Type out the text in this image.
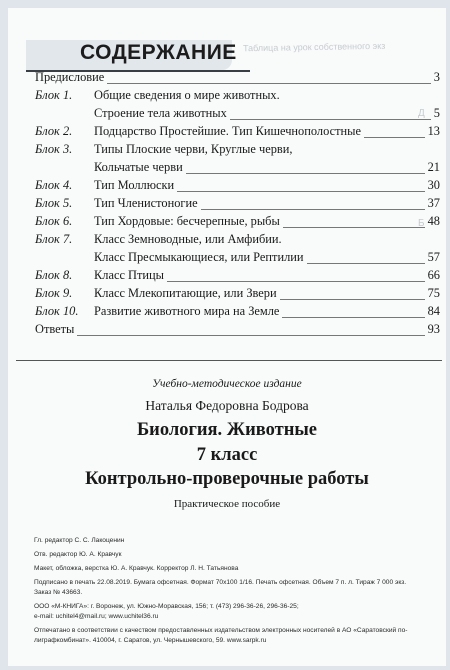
Таблица на урок собственного экз
Д
Б
СОДЕРЖАНИЕ
Предисловие	3
Блок 1. Общие сведения о мире животных.
Строение тела животных	5
Блок 2. Подцарство Простейшие. Тип Кишечнополостные	13
Блок 3. Типы Плоские черви, Круглые черви,
Кольчатые черви	21
Блок 4. Тип Моллюски	30
Блок 5. Тип Членистоногие	37
Блок 6. Тип Хордовые: бесчерепные, рыбы	48
Блок 7. Класс Земноводные, или Амфибии.
Класс Пресмыкающиеся, или Рептилии	57
Блок 8. Класс Птицы	66
Блок 9. Класс Млекопитающие, или Звери	75
Блок 10. Развитие животного мира на Земле	84
Ответы	93
Учебно-методическое издание
Наталья Федоровна Бодрова
Биология. Животные
7 класс
Контрольно-проверочные работы
Практическое пособие
Гл. редактор С. С. Лакоценин
Отв. редактор Ю. А. Кравчук
Макет, обложка, верстка Ю. А. Кравчук. Корректор Л. Н. Татьянова
Подписано в печать 22.08.2019. Бумага офсетная. Формат 70х100 1/16. Печать офсетная. Объем 7 п. л. Тираж 7 000 экз.
Заказ № 43663.
ООО «М-КНИГА»: г. Воронеж, ул. Южно-Моравская, 156; т. (473) 296-36-26, 296-36-25;
e-mail: uchitel4@mail.ru; www.uchitel36.ru
Отпечатано в соответствии с качеством предоставленных издательством электронных носителей в АО «Саратовский по-
лиграфкомбинат». 410004, г. Саратов, ул. Чернышевского, 59. www.sarpk.ru
